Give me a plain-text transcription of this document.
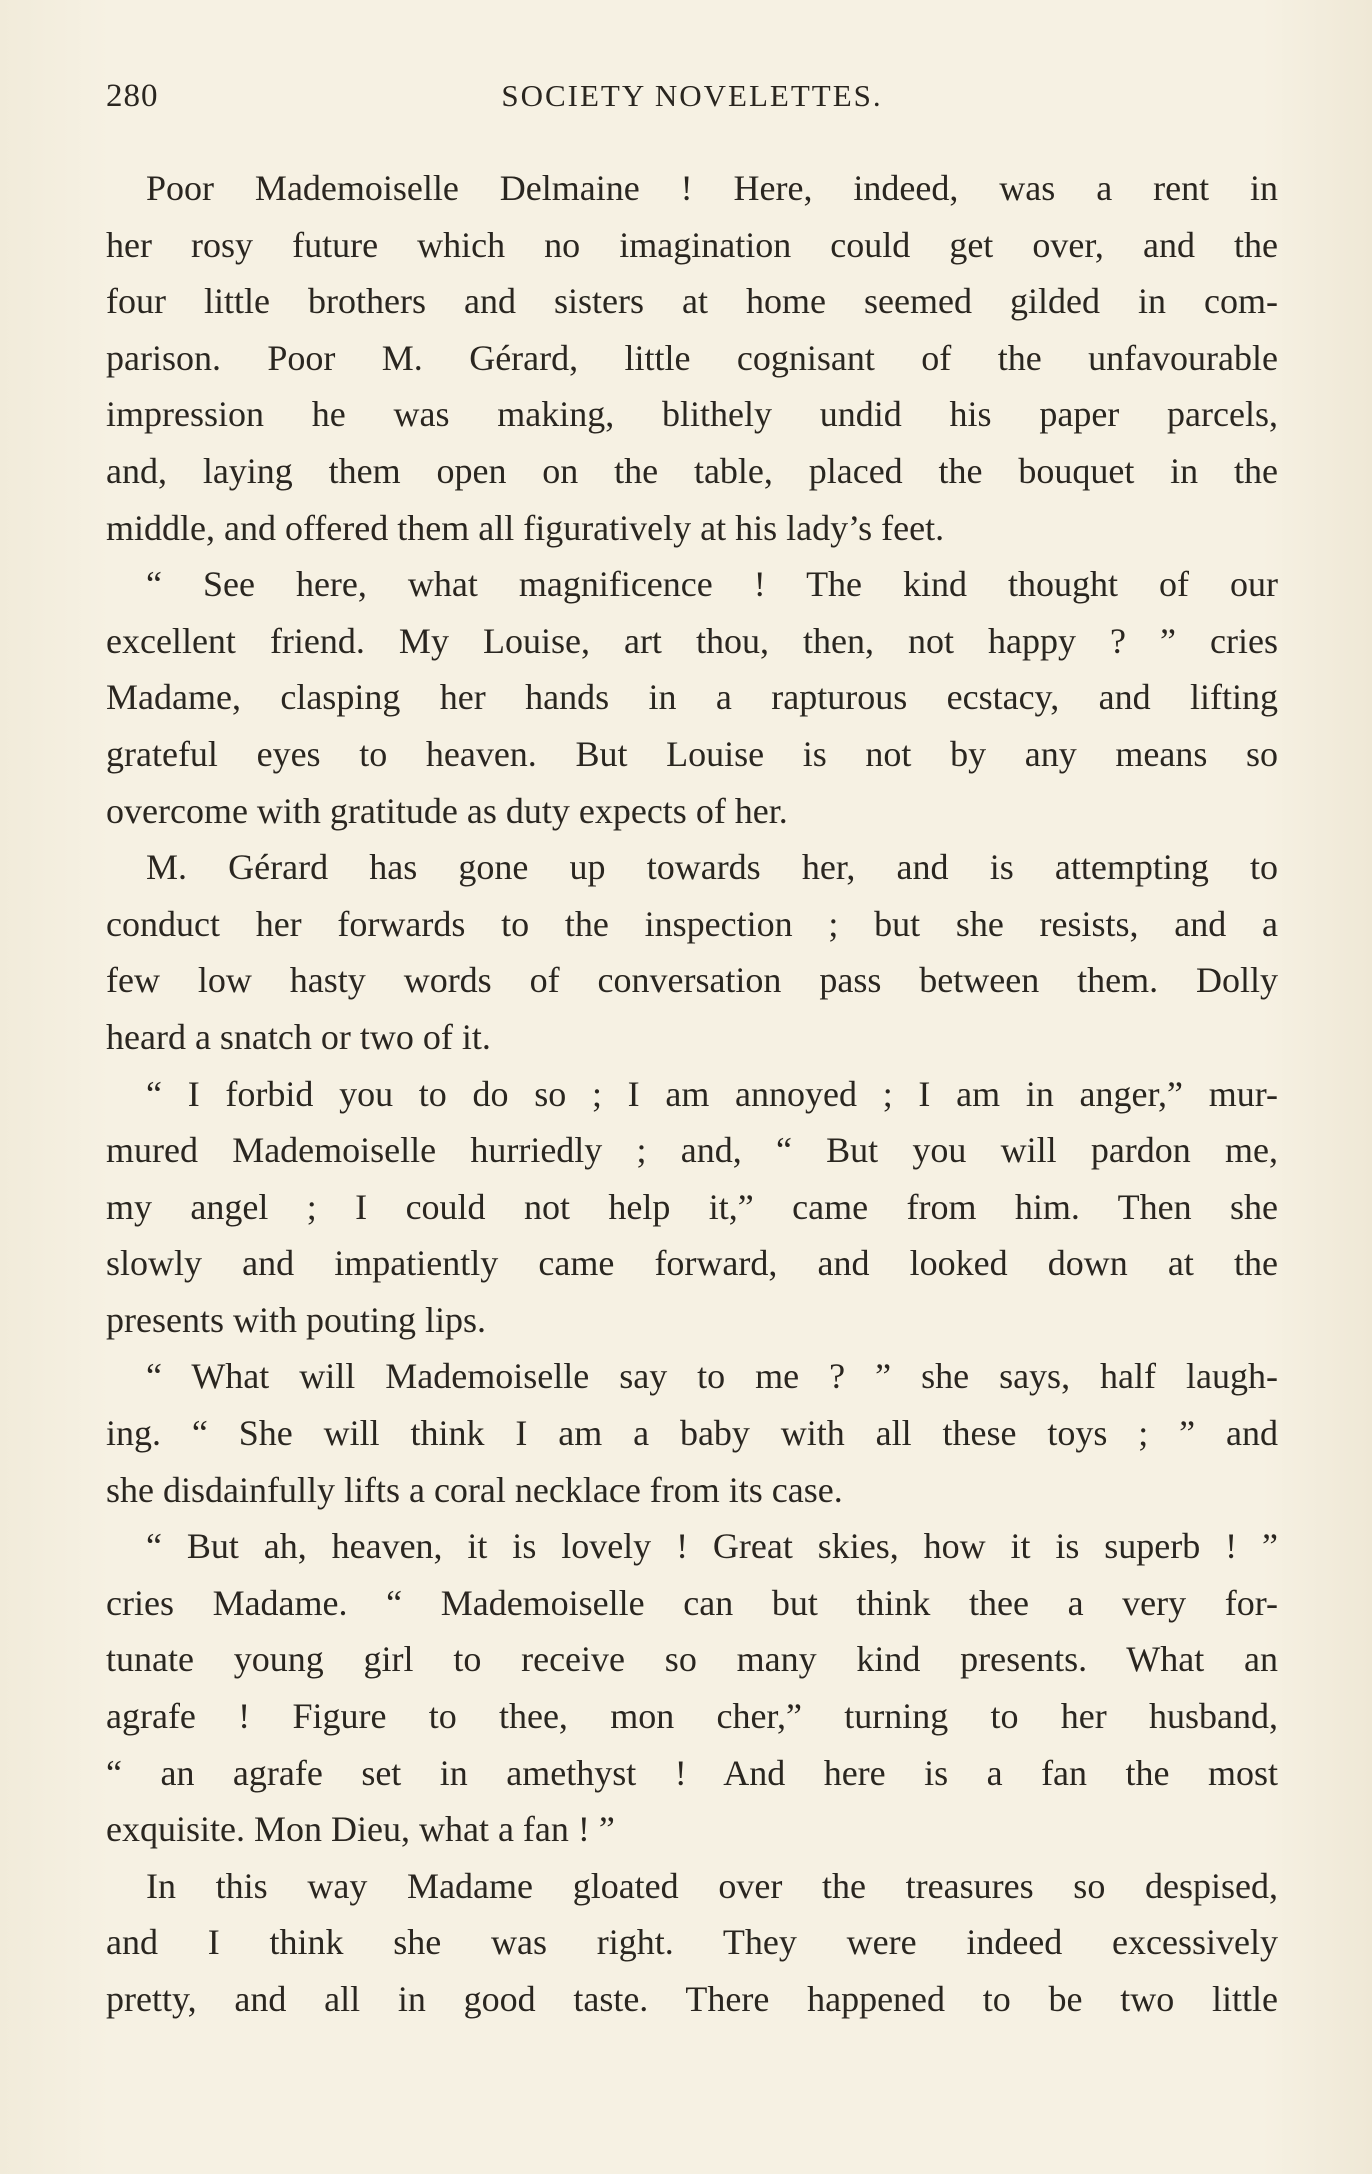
280	SOCIETY NOVELETTES.
Poor Mademoiselle Delmaine ! Here, indeed, was a rent in
her rosy future which no imagination could get over, and the
four little brothers and sisters at home seemed gilded in com-
parison. Poor M. Gérard, little cognisant of the unfavourable
impression he was making, blithely undid his paper parcels,
and, laying them open on the table, placed the bouquet in the
middle, and offered them all figuratively at his lady’s feet.
“ See here, what magnificence ! The kind thought of our
excellent friend. My Louise, art thou, then, not happy ? ” cries
Madame, clasping her hands in a rapturous ecstacy, and lifting
grateful eyes to heaven. But Louise is not by any means so
overcome with gratitude as duty expects of her.
M. Gérard has gone up towards her, and is attempting to
conduct her forwards to the inspection ; but she resists, and a
few low hasty words of conversation pass between them. Dolly
heard a snatch or two of it.
“ I forbid you to do so ; I am annoyed ; I am in anger,” mur-
mured Mademoiselle hurriedly ; and, “ But you will pardon me,
my angel ; I could not help it,” came from him. Then she
slowly and impatiently came forward, and looked down at the
presents with pouting lips.
“ What will Mademoiselle say to me ? ” she says, half laugh-
ing. “ She will think I am a baby with all these toys ; ” and
she disdainfully lifts a coral necklace from its case.
“ But ah, heaven, it is lovely ! Great skies, how it is superb ! ”
cries Madame. “ Mademoiselle can but think thee a very for-
tunate young girl to receive so many kind presents. What an
agrafe ! Figure to thee, mon cher,” turning to her husband,
“ an agrafe set in amethyst ! And here is a fan the most
exquisite. Mon Dieu, what a fan ! ”
In this way Madame gloated over the treasures so despised,
and I think she was right. They were indeed excessively
pretty, and all in good taste. There happened to be two little
